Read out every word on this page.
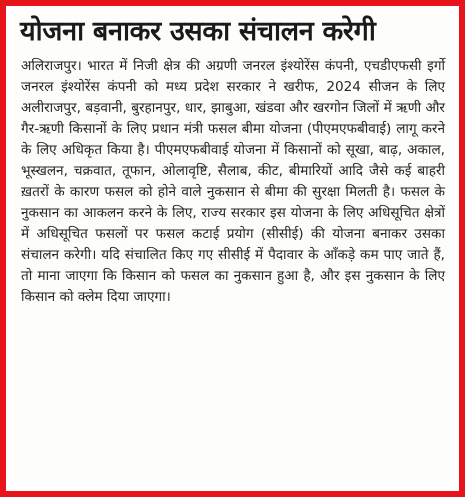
योजना बनाकर उसका संचालन करेगी

अलिराजपुर। भारत में निजी क्षेत्र की अग्रणी जनरल इंश्योरेंस कंपनी, एचडीएफसी इर्गो जनरल इंश्योरेंस कंपनी को मध्य प्रदेश सरकार ने खरीफ, 2024 सीजन के लिए अलीराजपुर, बड़वानी, बुरहानपुर, धार, झाबुआ, खंडवा और खरगोन जिलों में ऋणी और गैर-ऋणी किसानों के लिए प्रधान मंत्री फसल बीमा योजना (पीएमएफबीवाई) लागू करने के लिए अधिकृत किया है। पीएमएफबीवाई योजना में किसानों को सूखा, बाढ़, अकाल, भूस्खलन, चक्रवात, तूफान, ओलावृष्टि, सैलाब, कीट, बीमारियों आदि जैसे कई बाहरी ख़तरों के कारण फसल को होने वाले नुकसान से बीमा की सुरक्षा मिलती है। फसल के नुकसान का आकलन करने के लिए, राज्य सरकार इस योजना के लिए अधिसूचित क्षेत्रों में अधिसूचित फसलों पर फसल कटाई प्रयोग (सीसीई) की योजना बनाकर उसका संचालन करेगी। यदि संचालित किए गए सीसीई में पैदावार के आँकड़े कम पाए जाते हैं, तो माना जाएगा कि किसान को फसल का नुकसान हुआ है, और इस नुकसान के लिए किसान को क्लेम दिया जाएगा।
